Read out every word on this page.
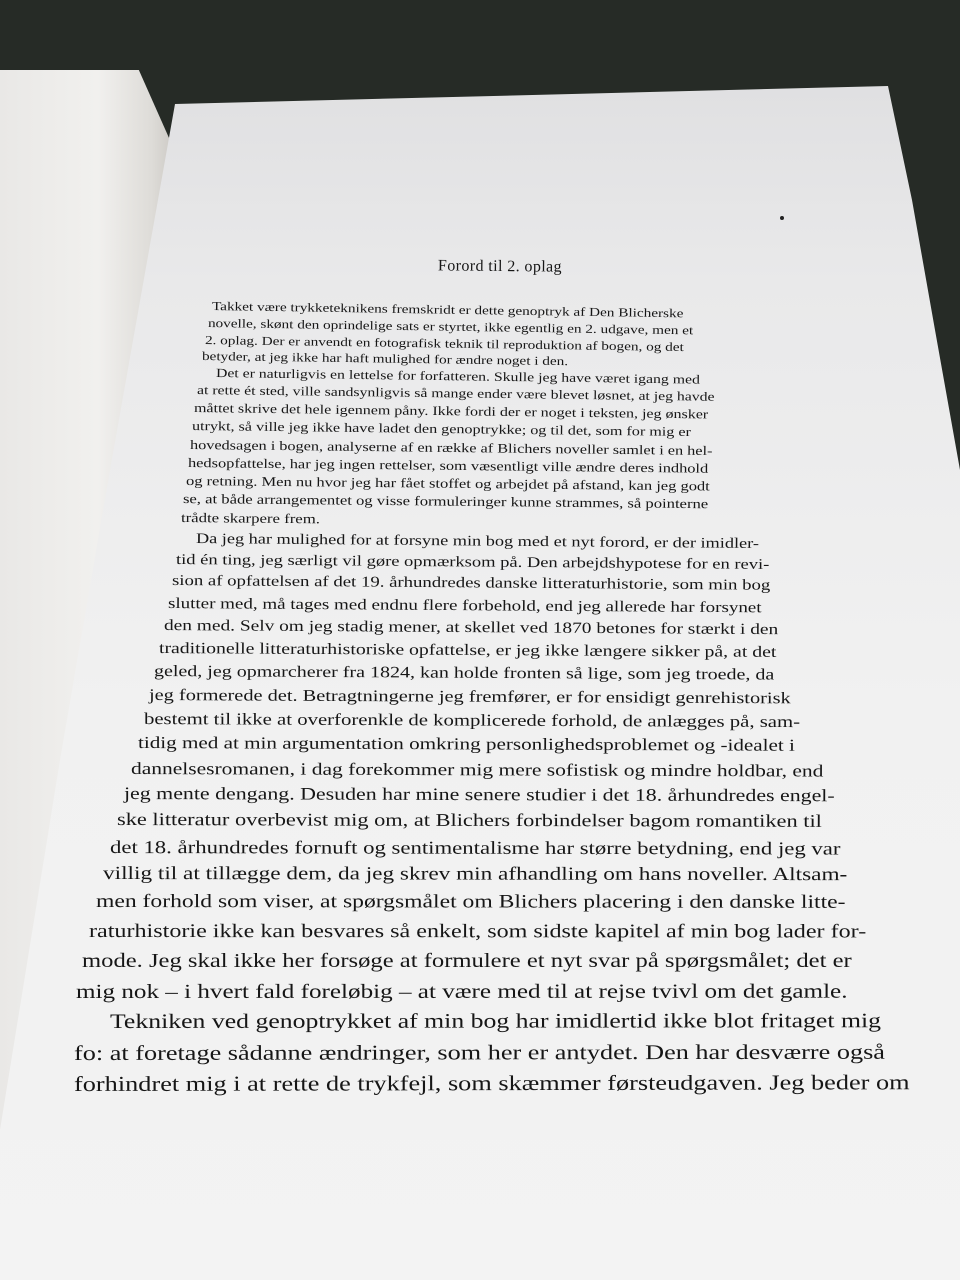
Forord til 2. oplag
Takket være trykketeknikens fremskridt er dette genoptryk af Den Blicherske
novelle, skønt den oprindelige sats er styrtet, ikke egentlig en 2. udgave, men et
2. oplag. Der er anvendt en fotografisk teknik til reproduktion af bogen, og det
betyder, at jeg ikke har haft mulighed for ændre noget i den.
Det er naturligvis en lettelse for forfatteren. Skulle jeg have været igang med
at rette ét sted, ville sandsynligvis så mange ender være blevet løsnet, at jeg havde
måttet skrive det hele igennem påny. Ikke fordi der er noget i teksten, jeg ønsker
utrykt, så ville jeg ikke have ladet den genoptrykke; og til det, som for mig er
hovedsagen i bogen, analyserne af en række af Blichers noveller samlet i en hel-
hedsopfattelse, har jeg ingen rettelser, som væsentligt ville ændre deres indhold
og retning. Men nu hvor jeg har fået stoffet og arbejdet på afstand, kan jeg godt
se, at både arrangementet og visse formuleringer kunne strammes, så pointerne
trådte skarpere frem.
Da jeg har mulighed for at forsyne min bog med et nyt forord, er der imidler-
tid én ting, jeg særligt vil gøre opmærksom på. Den arbejdshypotese for en revi-
sion af opfattelsen af det 19. århundredes danske litteraturhistorie, som min bog
slutter med, må tages med endnu flere forbehold, end jeg allerede har forsynet
den med. Selv om jeg stadig mener, at skellet ved 1870 betones for stærkt i den
traditionelle litteraturhistoriske opfattelse, er jeg ikke længere sikker på, at det
geled, jeg opmarcherer fra 1824, kan holde fronten så lige, som jeg troede, da
jeg formerede det. Betragtningerne jeg fremfører, er for ensidigt genrehistorisk
bestemt til ikke at overforenkle de komplicerede forhold, de anlægges på, sam-
tidig med at min argumentation omkring personlighedsproblemet og -idealet i
dannelsesromanen, i dag forekommer mig mere sofistisk og mindre holdbar, end
jeg mente dengang. Desuden har mine senere studier i det 18. århundredes engel-
ske litteratur overbevist mig om, at Blichers forbindelser bagom romantiken til
det 18. århundredes fornuft og sentimentalisme har større betydning, end jeg var
villig til at tillægge dem, da jeg skrev min afhandling om hans noveller. Altsam-
men forhold som viser, at spørgsmålet om Blichers placering i den danske litte-
raturhistorie ikke kan besvares så enkelt, som sidste kapitel af min bog lader for-
mode. Jeg skal ikke her forsøge at formulere et nyt svar på spørgsmålet; det er
mig nok – i hvert fald foreløbig – at være med til at rejse tvivl om det gamle.
Tekniken ved genoptrykket af min bog har imidlertid ikke blot fritaget mig
fo: at foretage sådanne ændringer, som her er antydet. Den har desværre også
forhindret mig i at rette de trykfejl, som skæmmer førsteudgaven. Jeg beder om
